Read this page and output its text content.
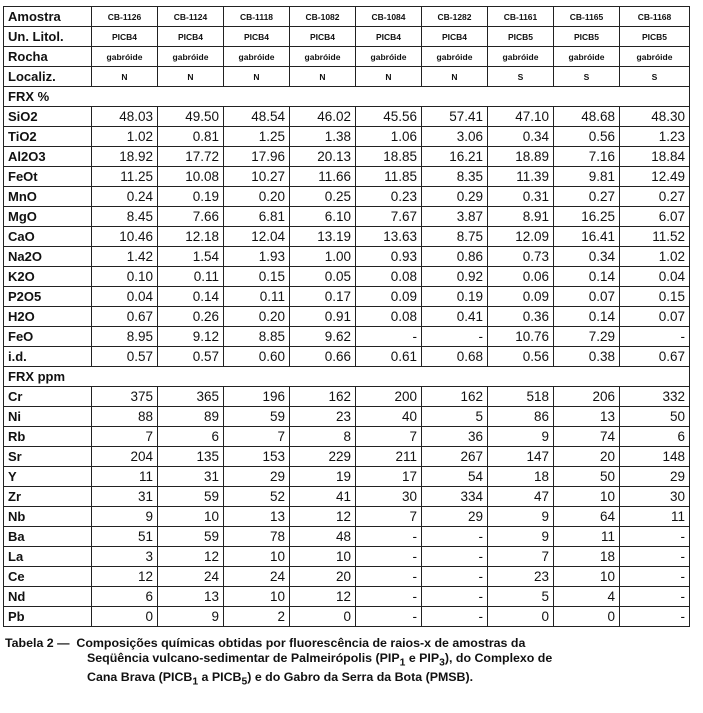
Amostra	CB-1126	CB-1124	CB-1118	CB-1082	CB-1084	CB-1282	CB-1161	CB-1165	CB-1168
Un. Litol.	PICB4	PICB4	PICB4	PICB4	PICB4	PICB4	PICB5	PICB5	PICB5
Rocha	gabróide	gabróide	gabróide	gabróide	gabróide	gabróide	gabróide	gabróide	gabróide
Localiz.	N	N	N	N	N	N	S	S	S
FRX %									
SiO2	48.03	49.50	48.54	46.02	45.56	57.41	47.10	48.68	48.30
TiO2	1.02	0.81	1.25	1.38	1.06	3.06	0.34	0.56	1.23
Al2O3	18.92	17.72	17.96	20.13	18.85	16.21	18.89	7.16	18.84
FeOt	11.25	10.08	10.27	11.66	11.85	8.35	11.39	9.81	12.49
MnO	0.24	0.19	0.20	0.25	0.23	0.29	0.31	0.27	0.27
MgO	8.45	7.66	6.81	6.10	7.67	3.87	8.91	16.25	6.07
CaO	10.46	12.18	12.04	13.19	13.63	8.75	12.09	16.41	11.52
Na2O	1.42	1.54	1.93	1.00	0.93	0.86	0.73	0.34	1.02
K2O	0.10	0.11	0.15	0.05	0.08	0.92	0.06	0.14	0.04
P2O5	0.04	0.14	0.11	0.17	0.09	0.19	0.09	0.07	0.15
H2O	0.67	0.26	0.20	0.91	0.08	0.41	0.36	0.14	0.07
FeO	8.95	9.12	8.85	9.62	-	-	10.76	7.29	-
i.d.	0.57	0.57	0.60	0.66	0.61	0.68	0.56	0.38	0.67
FRX ppm									
Cr	375	365	196	162	200	162	518	206	332
Ni	88	89	59	23	40	5	86	13	50
Rb	7	6	7	8	7	36	9	74	6
Sr	204	135	153	229	211	267	147	20	148
Y	11	31	29	19	17	54	18	50	29
Zr	31	59	52	41	30	334	47	10	30
Nb	9	10	13	12	7	29	9	64	11
Ba	51	59	78	48	-	-	9	11	-
La	3	12	10	10	-	-	7	18	-
Ce	12	24	24	20	-	-	23	10	-
Nd	6	13	10	12	-	-	5	4	-
Pb	0	9	2	0	-	-	0	0	-
Tabela 2 —
Composições químicas obtidas por fluorescência de raios-x de amostras da
Seqüência vulcano-sedimentar de Palmeirópolis ($PIP_1$ e $PIP_3$), do Complexo de
Cana Brava ($PICB_1$ a $PICB_5$) e do Gabro da Serra da Bota (PMSB).
